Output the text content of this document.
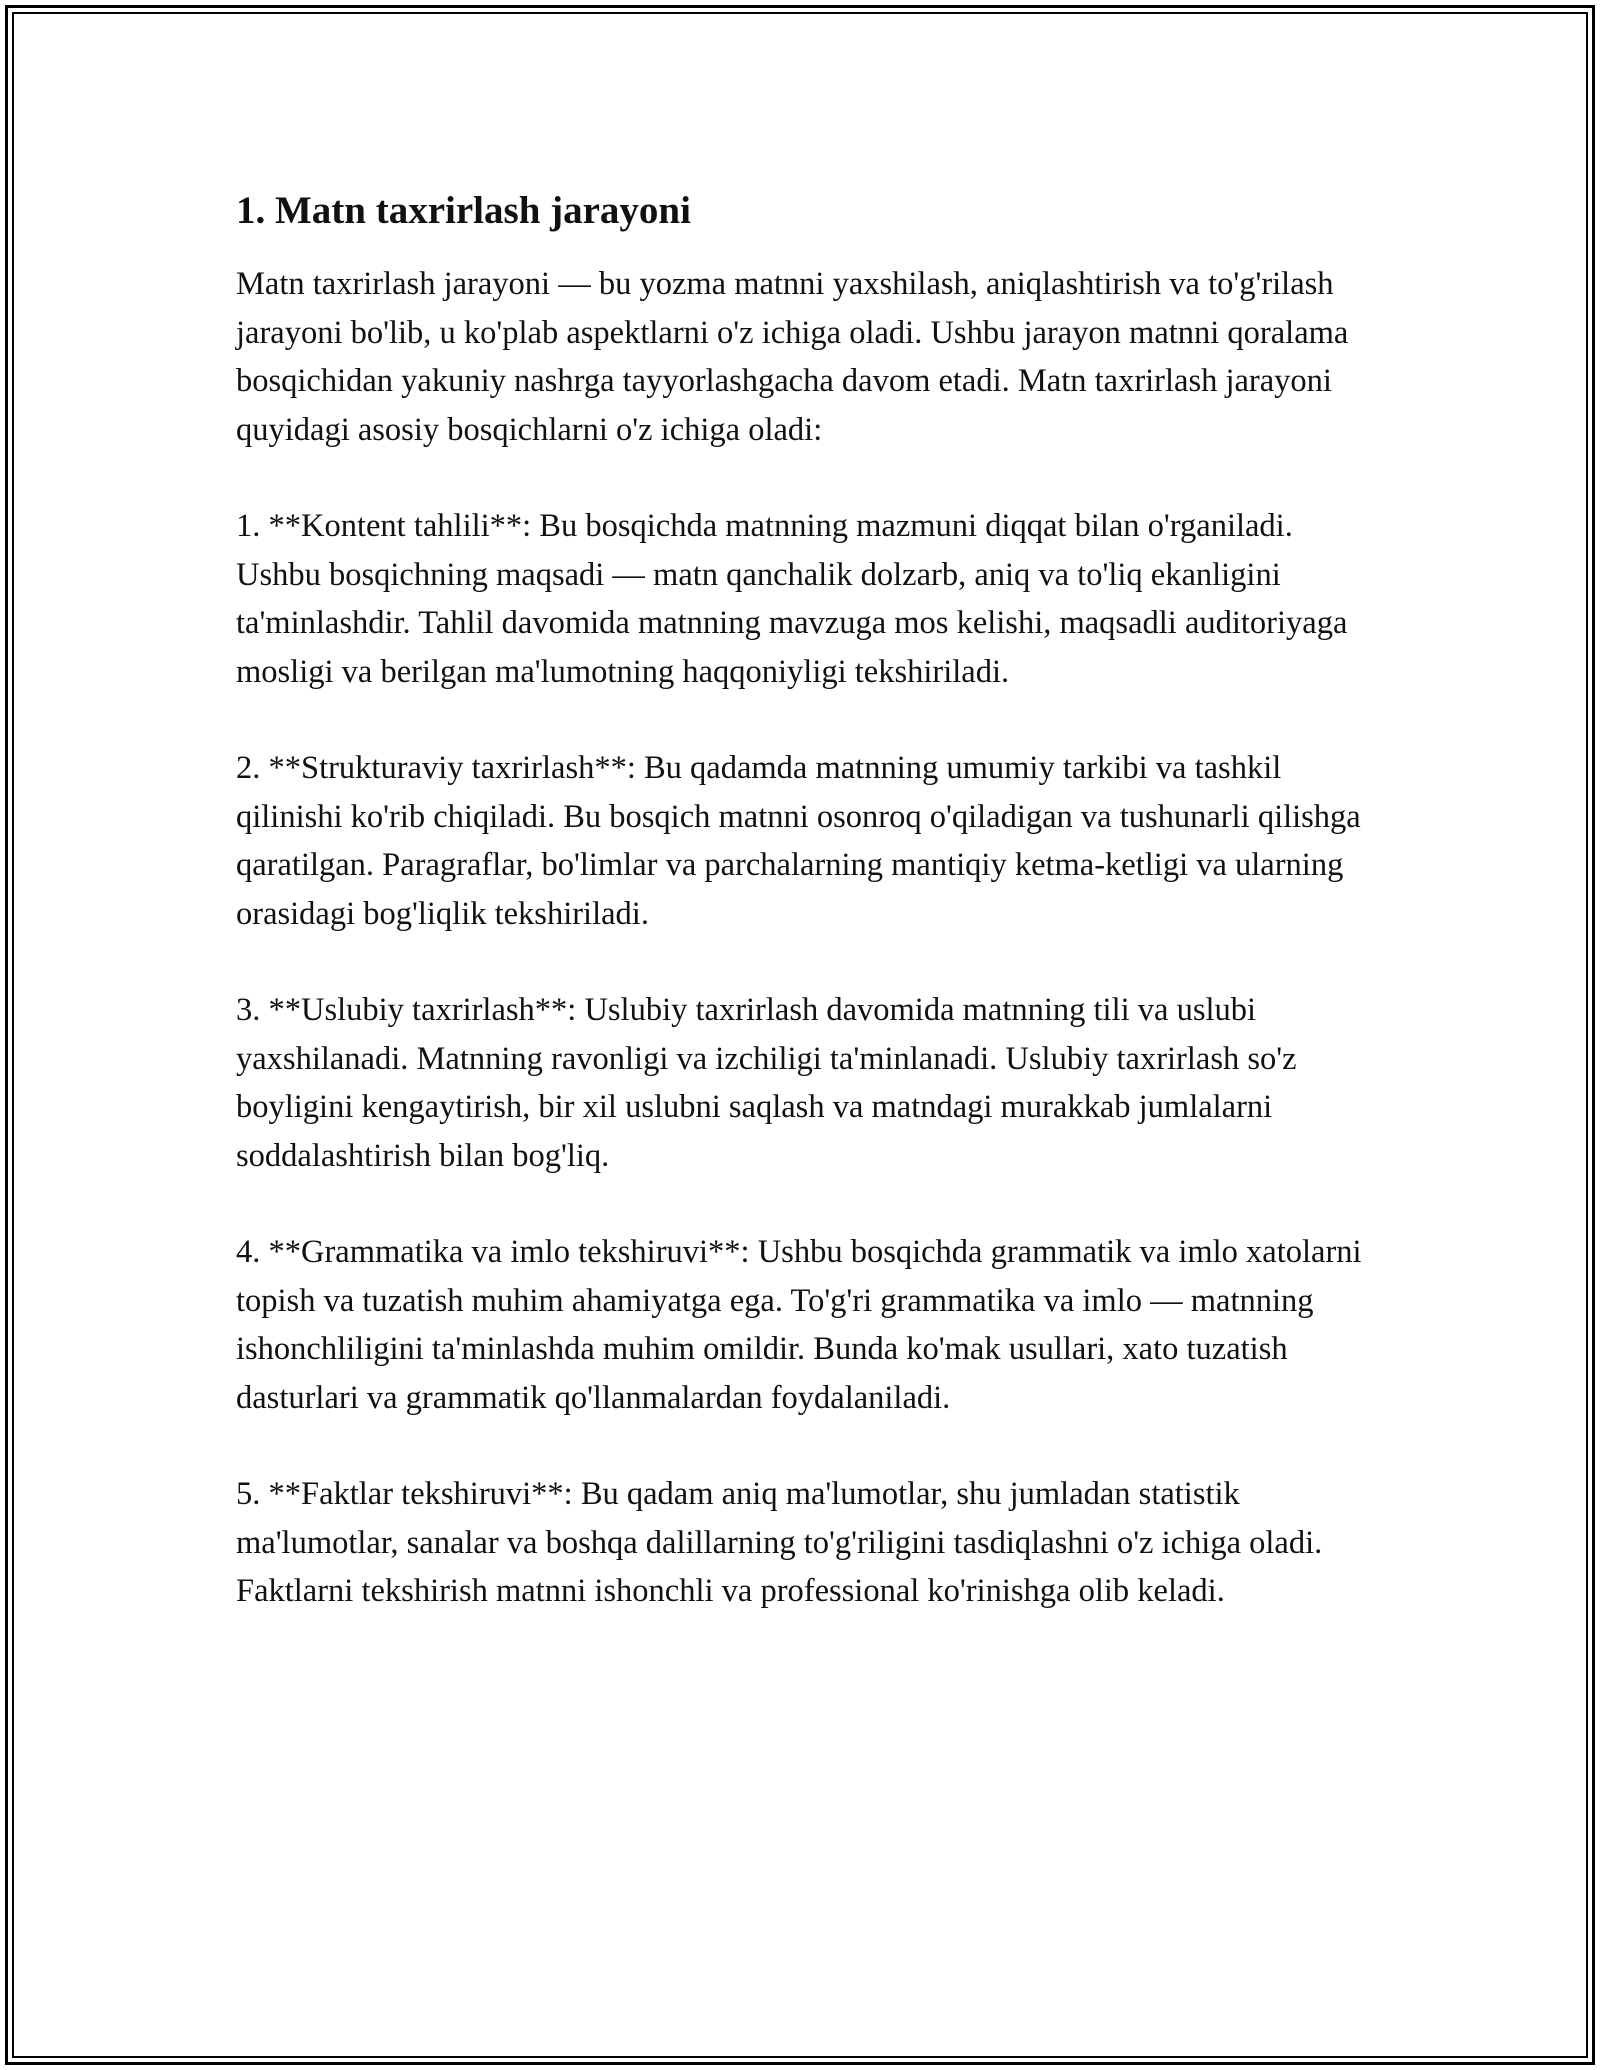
1. Matn taxrirlash jarayoni

Matn taxrirlash jarayoni — bu yozma matnni yaxshilash, aniqlashtirish va to'g'rilash jarayoni bo'lib, u ko'plab aspektlarni o'z ichiga oladi. Ushbu jarayon matnni qoralama bosqichidan yakuniy nashrga tayyorlashgacha davom etadi. Matn taxrirlash jarayoni quyidagi asosiy bosqichlarni o'z ichiga oladi:

1. **Kontent tahlili**: Bu bosqichda matnning mazmuni diqqat bilan o'rganiladi. Ushbu bosqichning maqsadi — matn qanchalik dolzarb, aniq va to'liq ekanligini ta'minlashdir. Tahlil davomida matnning mavzuga mos kelishi, maqsadli auditoriyaga mosligi va berilgan ma'lumotning haqqoniyligi tekshiriladi.

2. **Strukturaviy taxrirlash**: Bu qadamda matnning umumiy tarkibi va tashkil qilinishi ko'rib chiqiladi. Bu bosqich matnni osonroq o'qiladigan va tushunarli qilishga qaratilgan. Paragraflar, bo'limlar va parchalarning mantiqiy ketma-ketligi va ularning orasidagi bog'liqlik tekshiriladi.

3. **Uslubiy taxrirlash**: Uslubiy taxrirlash davomida matnning tili va uslubi yaxshilanadi. Matnning ravonligi va izchiligi ta'minlanadi. Uslubiy taxrirlash so'z boyligini kengaytirish, bir xil uslubni saqlash va matndagi murakkab jumlalarni soddalashtirish bilan bog'liq.

4. **Grammatika va imlo tekshiruvi**: Ushbu bosqichda grammatik va imlo xatolarni topish va tuzatish muhim ahamiyatga ega. To'g'ri grammatika va imlo — matnning ishonchliligini ta'minlashda muhim omildir. Bunda ko'mak usullari, xato tuzatish dasturlari va grammatik qo'llanmalardan foydalaniladi.

5. **Faktlar tekshiruvi**: Bu qadam aniq ma'lumotlar, shu jumladan statistik ma'lumotlar, sanalar va boshqa dalillarning to'g'riligini tasdiqlashni o'z ichiga oladi. Faktlarni tekshirish matnni ishonchli va professional ko'rinishga olib keladi.
